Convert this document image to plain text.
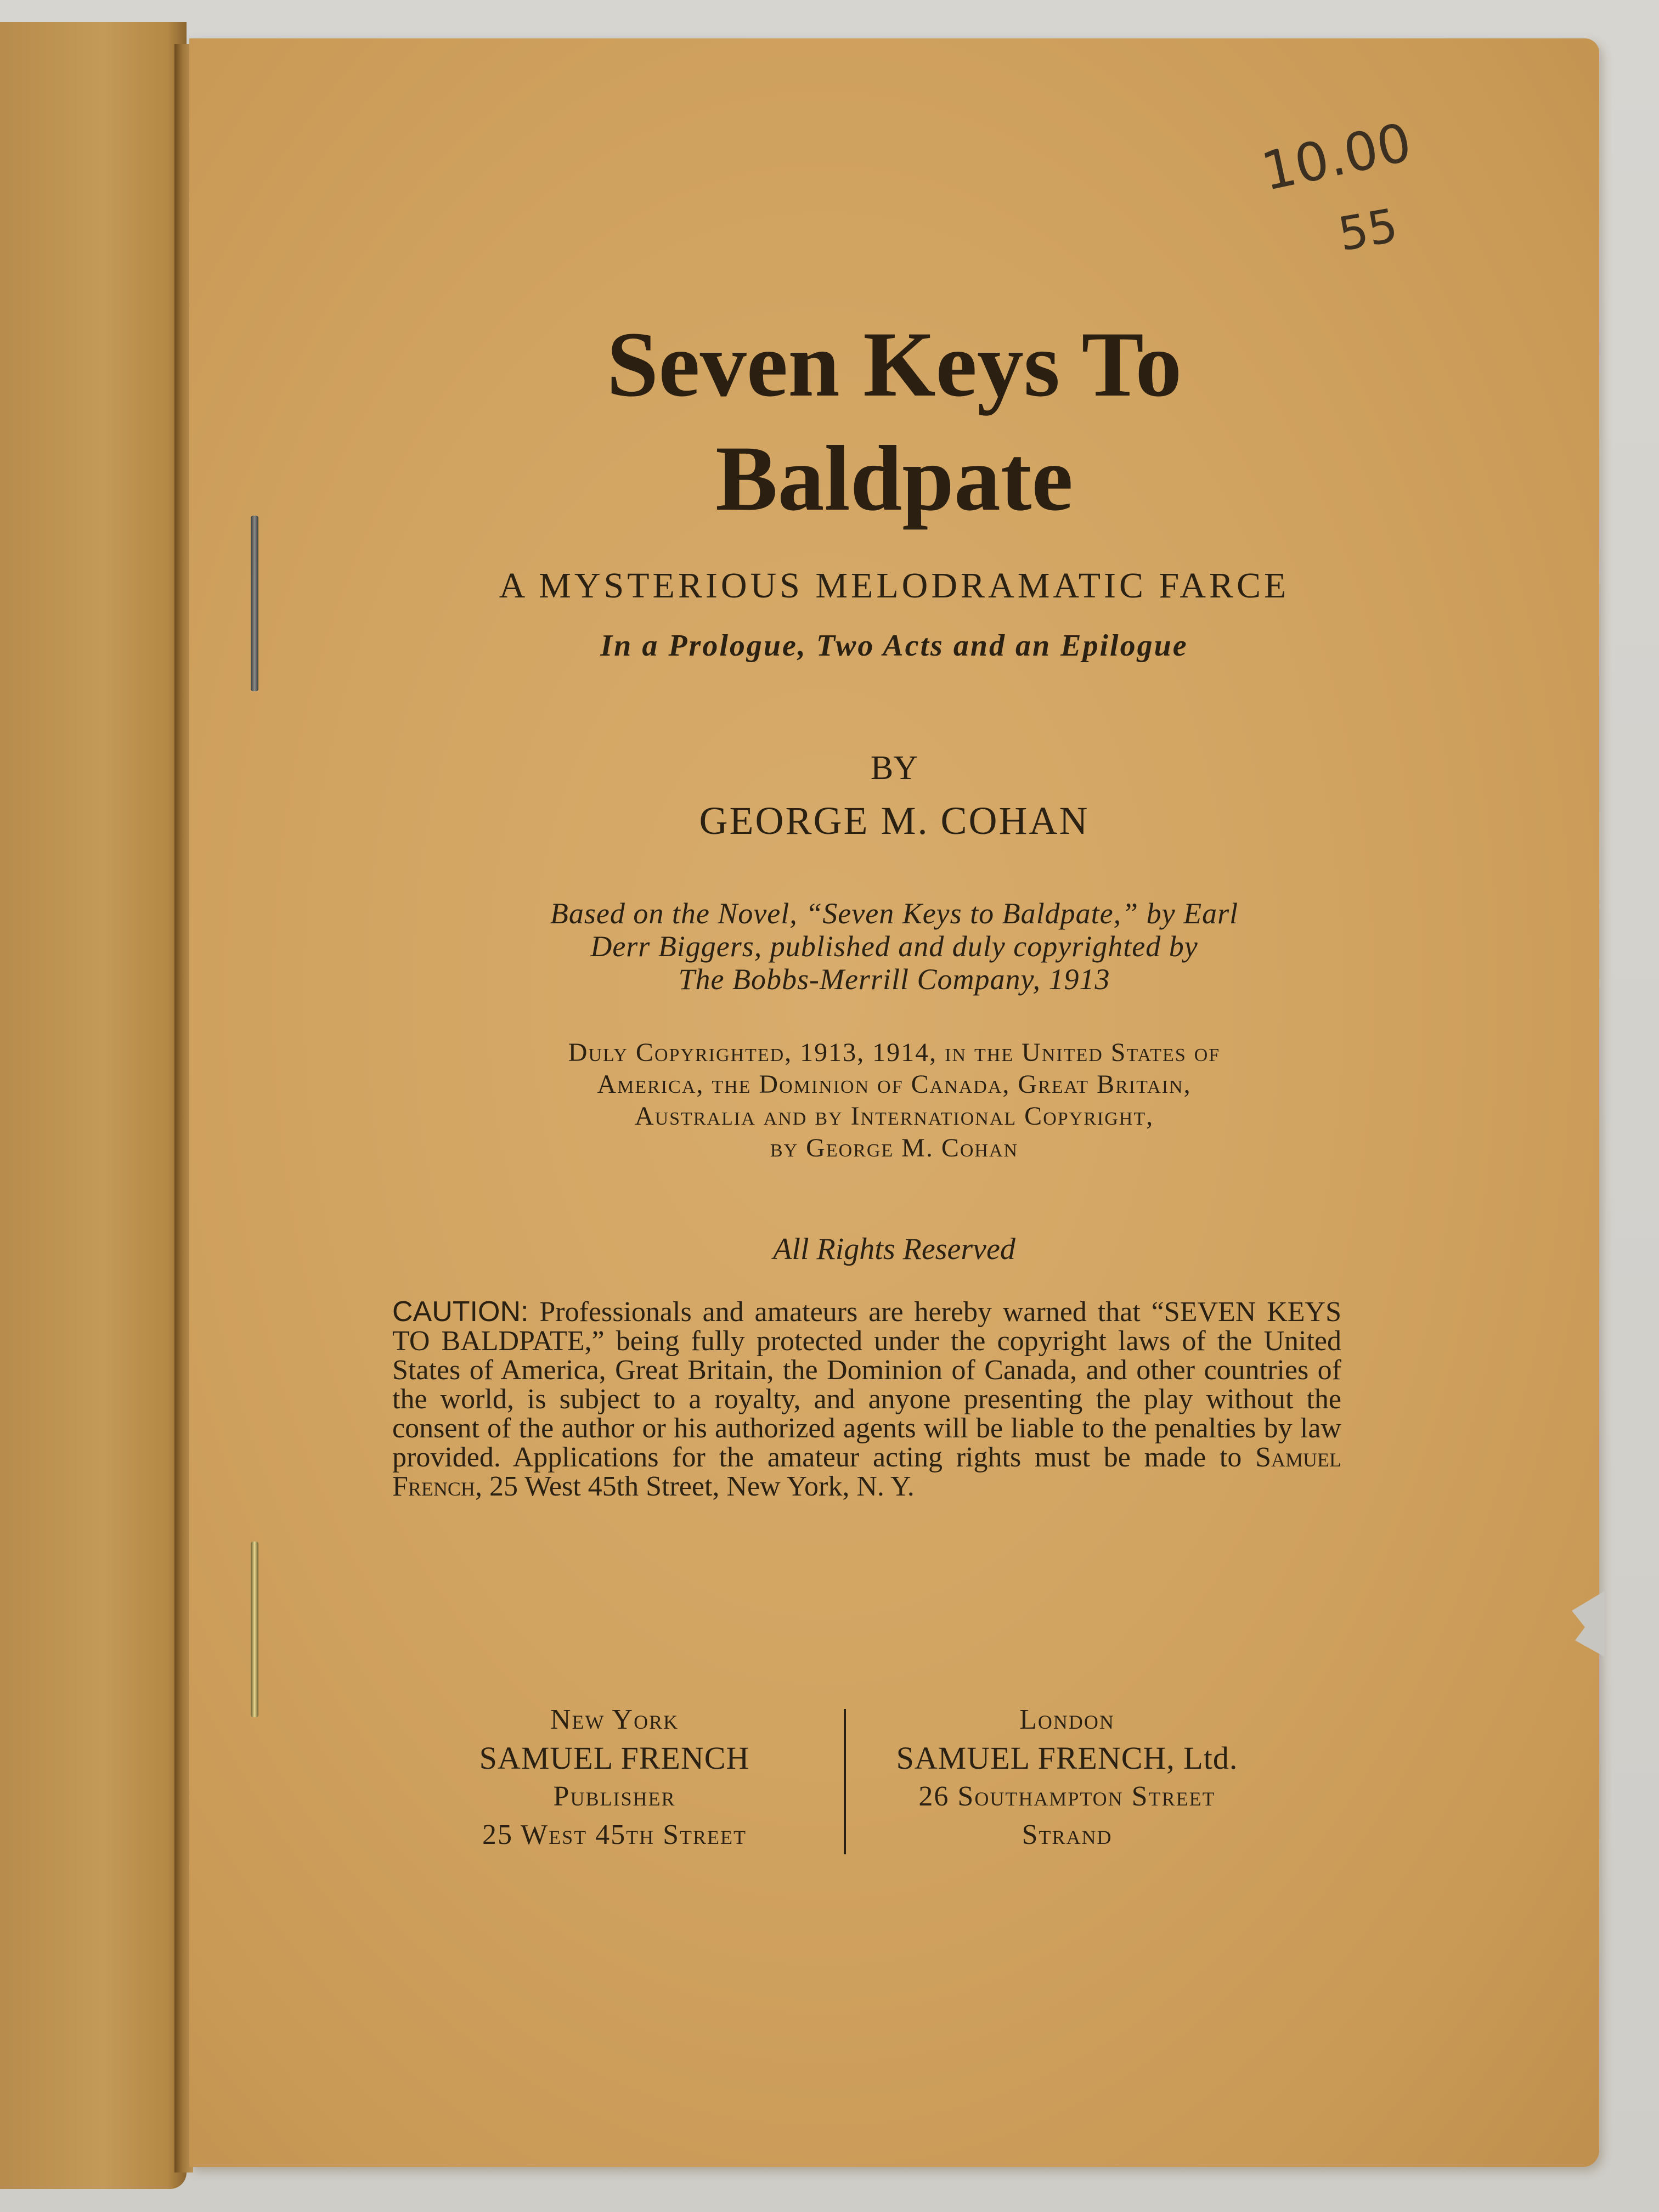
10.00
55
Seven Keys To
Baldpate

A MYSTERIOUS MELODRAMATIC FARCE

In a Prologue, Two Acts and an Epilogue

BY

GEORGE M. COHAN

Based on the Novel, “Seven Keys to Baldpate,” by Earl
Derr Biggers, published and duly copyrighted by
The Bobbs-Merrill Company, 1913

Duly Copyrighted, 1913, 1914, in the United States of
America, the Dominion of Canada, Great Britain,
Australia and by International Copyright,
by George M. Cohan

All Rights Reserved

CAUTION: Professionals and amateurs are hereby warned that “SEVEN KEYS TO BALDPATE,” being fully protected under the copyright laws of the United States of America, Great Britain, the Dominion of Canada, and other countries of the world, is subject to a royalty, and anyone presenting the play without the consent of the author or his authorized agents will be liable to the penalties by law provided. Applications for the amateur acting rights must be made to Samuel French, 25 West 45th Street, New York, N. Y.

New York
SAMUEL FRENCH
Publisher
25 West 45th Street
London
SAMUEL FRENCH, Ltd.
26 Southampton Street
Strand
